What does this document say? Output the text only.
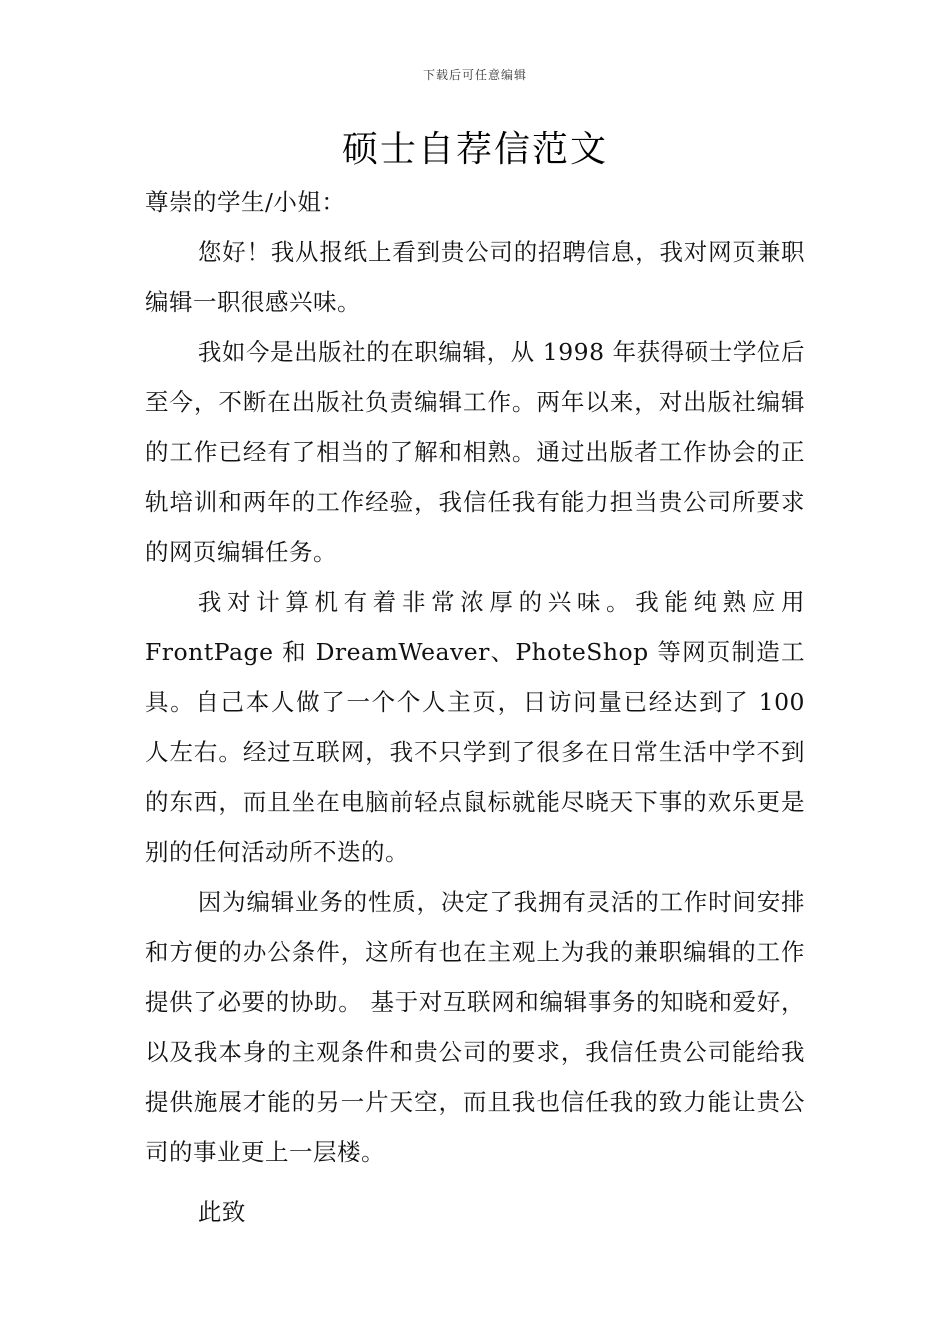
下载后可任意编辑
硕士自荐信范文

尊崇的学生/小姐：

您好！我从报纸上看到贵公司的招聘信息，我对网页兼职编辑一职很感兴味。

我如今是出版社的在职编辑，从 1998 年获得硕士学位后至今，不断在出版社负责编辑工作。两年以来，对出版社编辑的工作已经有了相当的了解和相熟。通过出版者工作协会的正轨培训和两年的工作经验，我信任我有能力担当贵公司所要求的网页编辑任务。

我对计算机有着非常浓厚的兴味。我能纯熟应用 FrontPage 和 DreamWeaver、PhoteShop 等网页制造工具。自己本人做了一个个人主页，日访问量已经达到了 100 人左右。经过互联网，我不只学到了很多在日常生活中学不到的东西，而且坐在电脑前轻点鼠标就能尽晓天下事的欢乐更是别的任何活动所不迭的。

因为编辑业务的性质，决定了我拥有灵活的工作时间安排和方便的办公条件，这所有也在主观上为我的兼职编辑的工作提供了必要的协助。 基于对互联网和编辑事务的知晓和爱好，以及我本身的主观条件和贵公司的要求，我信任贵公司能给我提供施展才能的另一片天空，而且我也信任我的致力能让贵公司的事业更上一层楼。

此致
